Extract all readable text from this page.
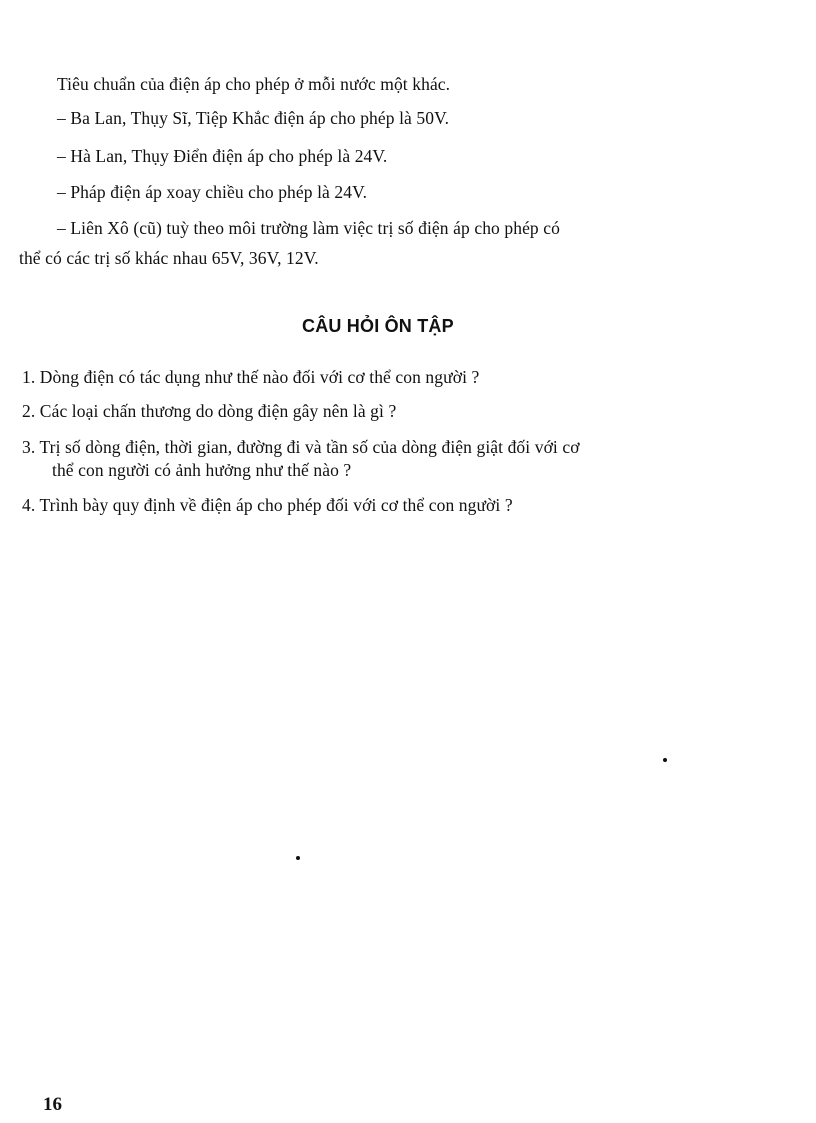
Tiêu chuẩn của điện áp cho phép ở mỗi nước một khác.
– Ba Lan, Thụy Sĩ, Tiệp Khắc điện áp cho phép là 50V.
– Hà Lan, Thụy Điển điện áp cho phép là 24V.
– Pháp điện áp xoay chiều cho phép là 24V.
– Liên Xô (cũ) tuỳ theo môi trường làm việc trị số điện áp cho phép có
thể có các trị số khác nhau 65V, 36V, 12V.
CÂU HỎI ÔN TẬP
1. Dòng điện có tác dụng như thế nào đối với cơ thể con người ?
2. Các loại chấn thương do dòng điện gây nên là gì ?
3. Trị số dòng điện, thời gian, đường đi và tần số của dòng điện giật đối với cơ
thể con người có ảnh hưởng như thế nào ?
4. Trình bày quy định về điện áp cho phép đối với cơ thể con người ?
16
